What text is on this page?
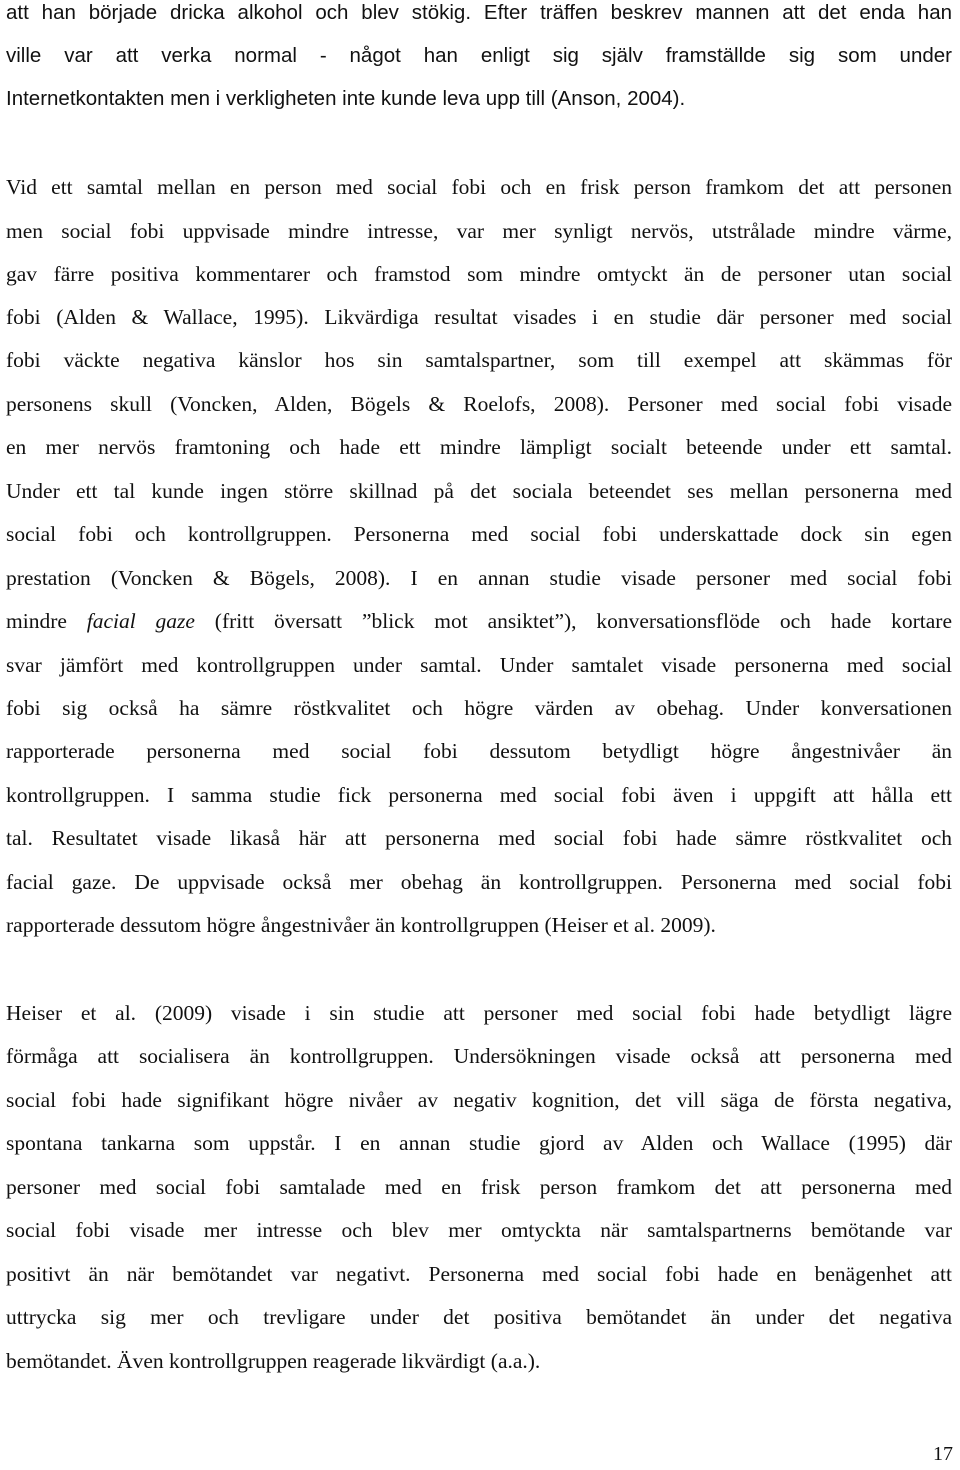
att han började dricka alkohol och blev stökig. Efter träffen beskrev mannen att det enda han
ville var att verka normal - något han enligt sig själv framställde sig som under
Internetkontakten men i verkligheten inte kunde leva upp till (Anson, 2004).
Vid ett samtal mellan en person med social fobi och en frisk person framkom det att personen
men social fobi uppvisade mindre intresse, var mer synligt nervös, utstrålade mindre värme,
gav färre positiva kommentarer och framstod som mindre omtyckt än de personer utan social
fobi (Alden & Wallace, 1995). Likvärdiga resultat visades i en studie där personer med social
fobi väckte negativa känslor hos sin samtalspartner, som till exempel att skämmas för
personens skull (Voncken, Alden, Bögels & Roelofs, 2008). Personer med social fobi visade
en mer nervös framtoning och hade ett mindre lämpligt socialt beteende under ett samtal.
Under ett tal kunde ingen större skillnad på det sociala beteendet ses mellan personerna med
social fobi och kontrollgruppen. Personerna med social fobi underskattade dock sin egen
prestation (Voncken & Bögels, 2008). I en annan studie visade personer med social fobi
mindre facial gaze (fritt översatt ”blick mot ansiktet”), konversationsflöde och hade kortare
svar jämfört med kontrollgruppen under samtal. Under samtalet visade personerna med social
fobi sig också ha sämre röstkvalitet och högre värden av obehag. Under konversationen
rapporterade personerna med social fobi dessutom betydligt högre ångestnivåer än
kontrollgruppen. I samma studie fick personerna med social fobi även i uppgift att hålla ett
tal. Resultatet visade likaså här att personerna med social fobi hade sämre röstkvalitet och
facial gaze. De uppvisade också mer obehag än kontrollgruppen. Personerna med social fobi
rapporterade dessutom högre ångestnivåer än kontrollgruppen (Heiser et al. 2009).
Heiser et al. (2009) visade i sin studie att personer med social fobi hade betydligt lägre
förmåga att socialisera än kontrollgruppen. Undersökningen visade också att personerna med
social fobi hade signifikant högre nivåer av negativ kognition, det vill säga de första negativa,
spontana tankarna som uppstår. I en annan studie gjord av Alden och Wallace (1995) där
personer med social fobi samtalade med en frisk person framkom det att personerna med
social fobi visade mer intresse och blev mer omtyckta när samtalspartnerns bemötande var
positivt än när bemötandet var negativt. Personerna med social fobi hade en benägenhet att
uttrycka sig mer och trevligare under det positiva bemötandet än under det negativa
bemötandet. Även kontrollgruppen reagerade likvärdigt (a.a.).
17
